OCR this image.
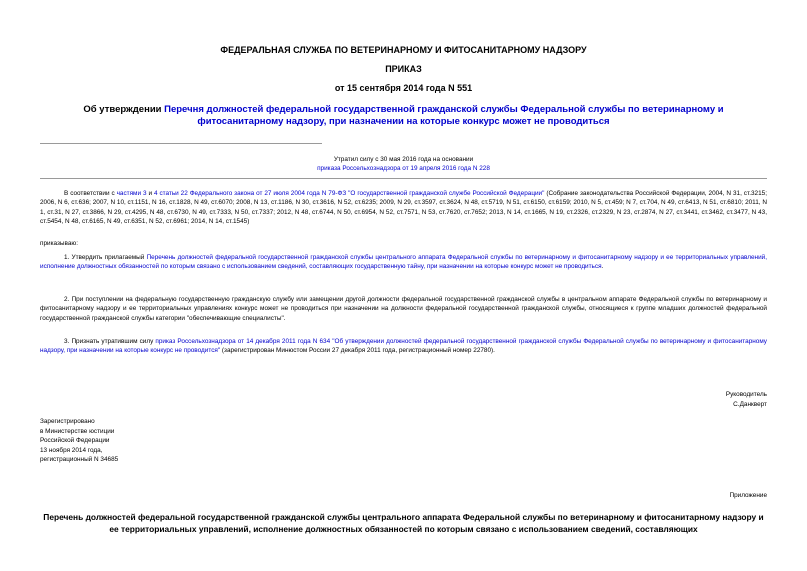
ФЕДЕРАЛЬНАЯ СЛУЖБА ПО ВЕТЕРИНАРНОМУ И ФИТОСАНИТАРНОМУ НАДЗОРУ
ПРИКАЗ
от 15 сентября 2014 года N 551
Об утверждении Перечня должностей федеральной государственной гражданской службы Федеральной службы по ветеринарному и фитосанитарному надзору, при назначении на которые конкурс может не проводиться
Утратил силу с 30 мая 2016 года на основании
приказа Россельхознадзора от 19 апреля 2016 года N 228
В соответствии с частями 3 и 4 статьи 22 Федерального закона от 27 июля 2004 года N 79-ФЗ "О государственной гражданской службе Российской Федерации" (Собрание законодательства Российской Федерации, 2004, N 31, ст.3215; 2006, N 6, ст.636; 2007, N 10, ст.1151, N 16, ст.1828, N 49, ст.6070; 2008, N 13, ст.1186, N 30, ст.3616, N 52, ст.6235; 2009, N 29, ст.3597, ст.3624, N 48, ст.5719, N 51, ст.6150, ст.6159; 2010, N 5, ст.459; N 7, ст.704, N 49, ст.6413, N 51, ст.6810; 2011, N 1, ст.31, N 27, ст.3866, N 29, ст.4295, N 48, ст.6730, N 49, ст.7333, N 50, ст.7337; 2012, N 48, ст.6744, N 50, ст.6954, N 52, ст.7571, N 53, ст.7620, ст.7652; 2013, N 14, ст.1665, N 19, ст.2326, ст.2329, N 23, ст.2874, N 27, ст.3441, ст.3462, ст.3477, N 43, ст.5454, N 48, ст.6165, N 49, ст.6351, N 52, ст.6961; 2014, N 14, ст.1545)
приказываю:
1. Утвердить прилагаемый Перечень должностей федеральной государственной гражданской службы центрального аппарата Федеральной службы по ветеринарному и фитосанитарному надзору и ее территориальных управлений, исполнение должностных обязанностей по которым связано с использованием сведений, составляющих государственную тайну, при назначении на которые конкурс может не проводиться.
2. При поступлении на федеральную государственную гражданскую службу или замещении другой должности федеральной государственной гражданской службы в центральном аппарате Федеральной службы по ветеринарному и фитосанитарному надзору и ее территориальных управлениях конкурс может не проводиться при назначении на должности федеральной государственной гражданской службы, относящиеся к группе младших должностей федеральной государственной гражданской службы категории "обеспечивающие специалисты".
3. Признать утратившим силу приказ Россельхознадзора от 14 декабря 2011 года N 634 "Об утверждении должностей федеральной государственной гражданской службы Федеральной службы по ветеринарному и фитосанитарному надзору, при назначении на которые конкурс не проводится" (зарегистрирован Минюстом России 27 декабря 2011 года, регистрационный номер 22780).
Руководитель
С.Данкверт
Зарегистрировано
в Министерстве юстиции
Российской Федерации
13 ноября 2014 года,
регистрационный N 34685
Приложение
Перечень должностей федеральной государственной гражданской службы центрального аппарата Федеральной службы по ветеринарному и фитосанитарному надзору и ее территориальных управлений, исполнение должностных обязанностей по которым связано с использованием сведений, составляющих
